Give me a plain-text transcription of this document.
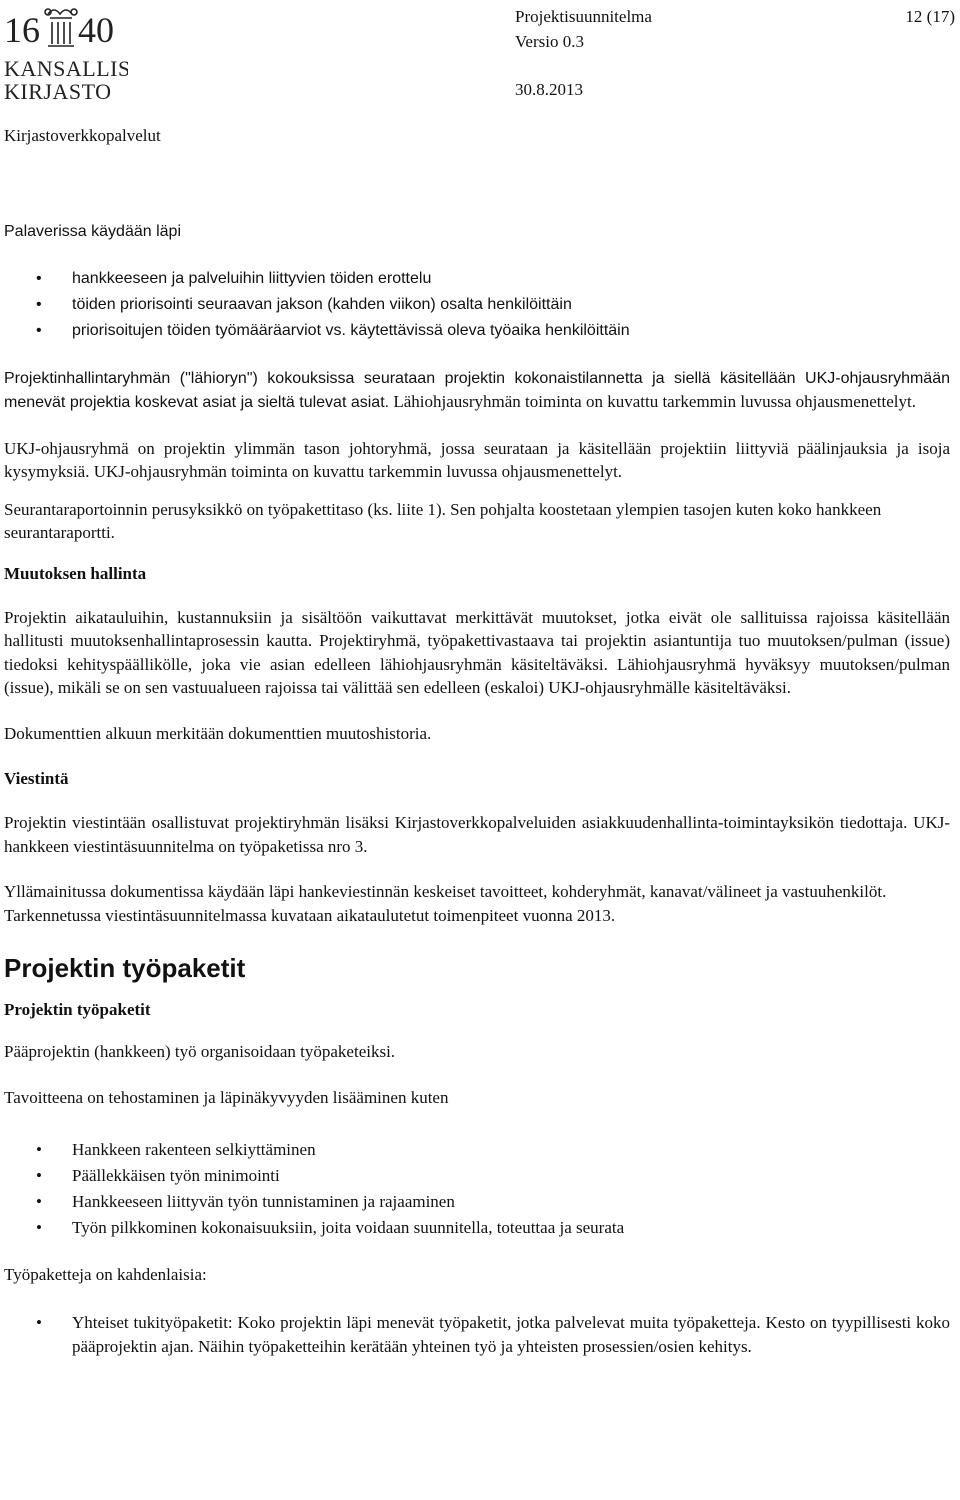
16 40
KANSALLIS
KIRJASTO
Projektisuunnitelma	12 (17)
Versio 0.3
30.8.2013
Kirjastoverkkopalvelut

Palaverissa käydään läpi

• hankkeeseen ja palveluihin liittyvien töiden erottelu
• töiden priorisointi seuraavan jakson (kahden viikon) osalta henkilöittäin
• priorisoitujen töiden työmääräarviot vs. käytettävissä oleva työaika henkilöittäin

Projektinhallintaryhmän ("lähioryn") kokouksissa seurataan projektin kokonaistilannetta ja siellä käsitellään UKJ-ohjausryhmään menevät projektia koskevat asiat ja sieltä tulevat asiat. Lähiohjausryhmän toiminta on kuvattu tarkemmin luvussa ohjausmenettelyt.

UKJ-ohjausryhmä on projektin ylimmän tason johtoryhmä, jossa seurataan ja käsitellään projektiin liittyviä päälinjauksia ja isoja kysymyksiä. UKJ-ohjausryhmän toiminta on kuvattu tarkemmin luvussa ohjausmenettelyt.

Seurantaraportoinnin perusyksikkö on työpakettitaso (ks. liite 1). Sen pohjalta koostetaan ylempien tasojen kuten koko hankkeen seurantaraportti.

Muutoksen hallinta

Projektin aikatauluihin, kustannuksiin ja sisältöön vaikuttavat merkittävät muutokset, jotka eivät ole sallituissa rajoissa käsitellään hallitusti muutoksenhallintaprosessin kautta. Projektiryhmä, työpakettivastaava tai projektin asiantuntija tuo muutoksen/pulman (issue) tiedoksi kehityspäällikölle, joka vie asian edelleen lähiohjausryhmän käsiteltäväksi. Lähiohjausryhmä hyväksyy muutoksen/pulman (issue), mikäli se on sen vastuualueen rajoissa tai välittää sen edelleen (eskaloi) UKJ-ohjausryhmälle käsiteltäväksi.

Dokumenttien alkuun merkitään dokumenttien muutoshistoria.

Viestintä

Projektin viestintään osallistuvat projektiryhmän lisäksi Kirjastoverkkopalveluiden asiakkuudenhallinta-toimintayksikön tiedottaja. UKJ-hankkeen viestintäsuunnitelma on työpaketissa nro 3.

Yllämainitussa dokumentissa käydään läpi hankeviestinnän keskeiset tavoitteet, kohderyhmät, kanavat/välineet ja vastuuhenkilöt. Tarkennetussa viestintäsuunnitelmassa kuvataan aikataulutetut toimenpiteet vuonna 2013.

Projektin työpaketit
Projektin työpaketit

Pääprojektin (hankkeen) työ organisoidaan työpaketeiksi.

Tavoitteena on tehostaminen ja läpinäkyvyyden lisääminen kuten

• Hankkeen rakenteen selkiyttäminen
• Päällekkäisen työn minimointi
• Hankkeeseen liittyvän työn tunnistaminen ja rajaaminen
• Työn pilkkominen kokonaisuuksiin, joita voidaan suunnitella, toteuttaa ja seurata

Työpaketteja on kahdenlaisia:

• Yhteiset tukityöpaketit: Koko projektin läpi menevät työpaketit, jotka palvelevat muita työpaketteja. Kesto on tyypillisesti koko pääprojektin ajan. Näihin työpaketteihin kerätään yhteinen työ ja yhteisten prosessien/osien kehitys.
